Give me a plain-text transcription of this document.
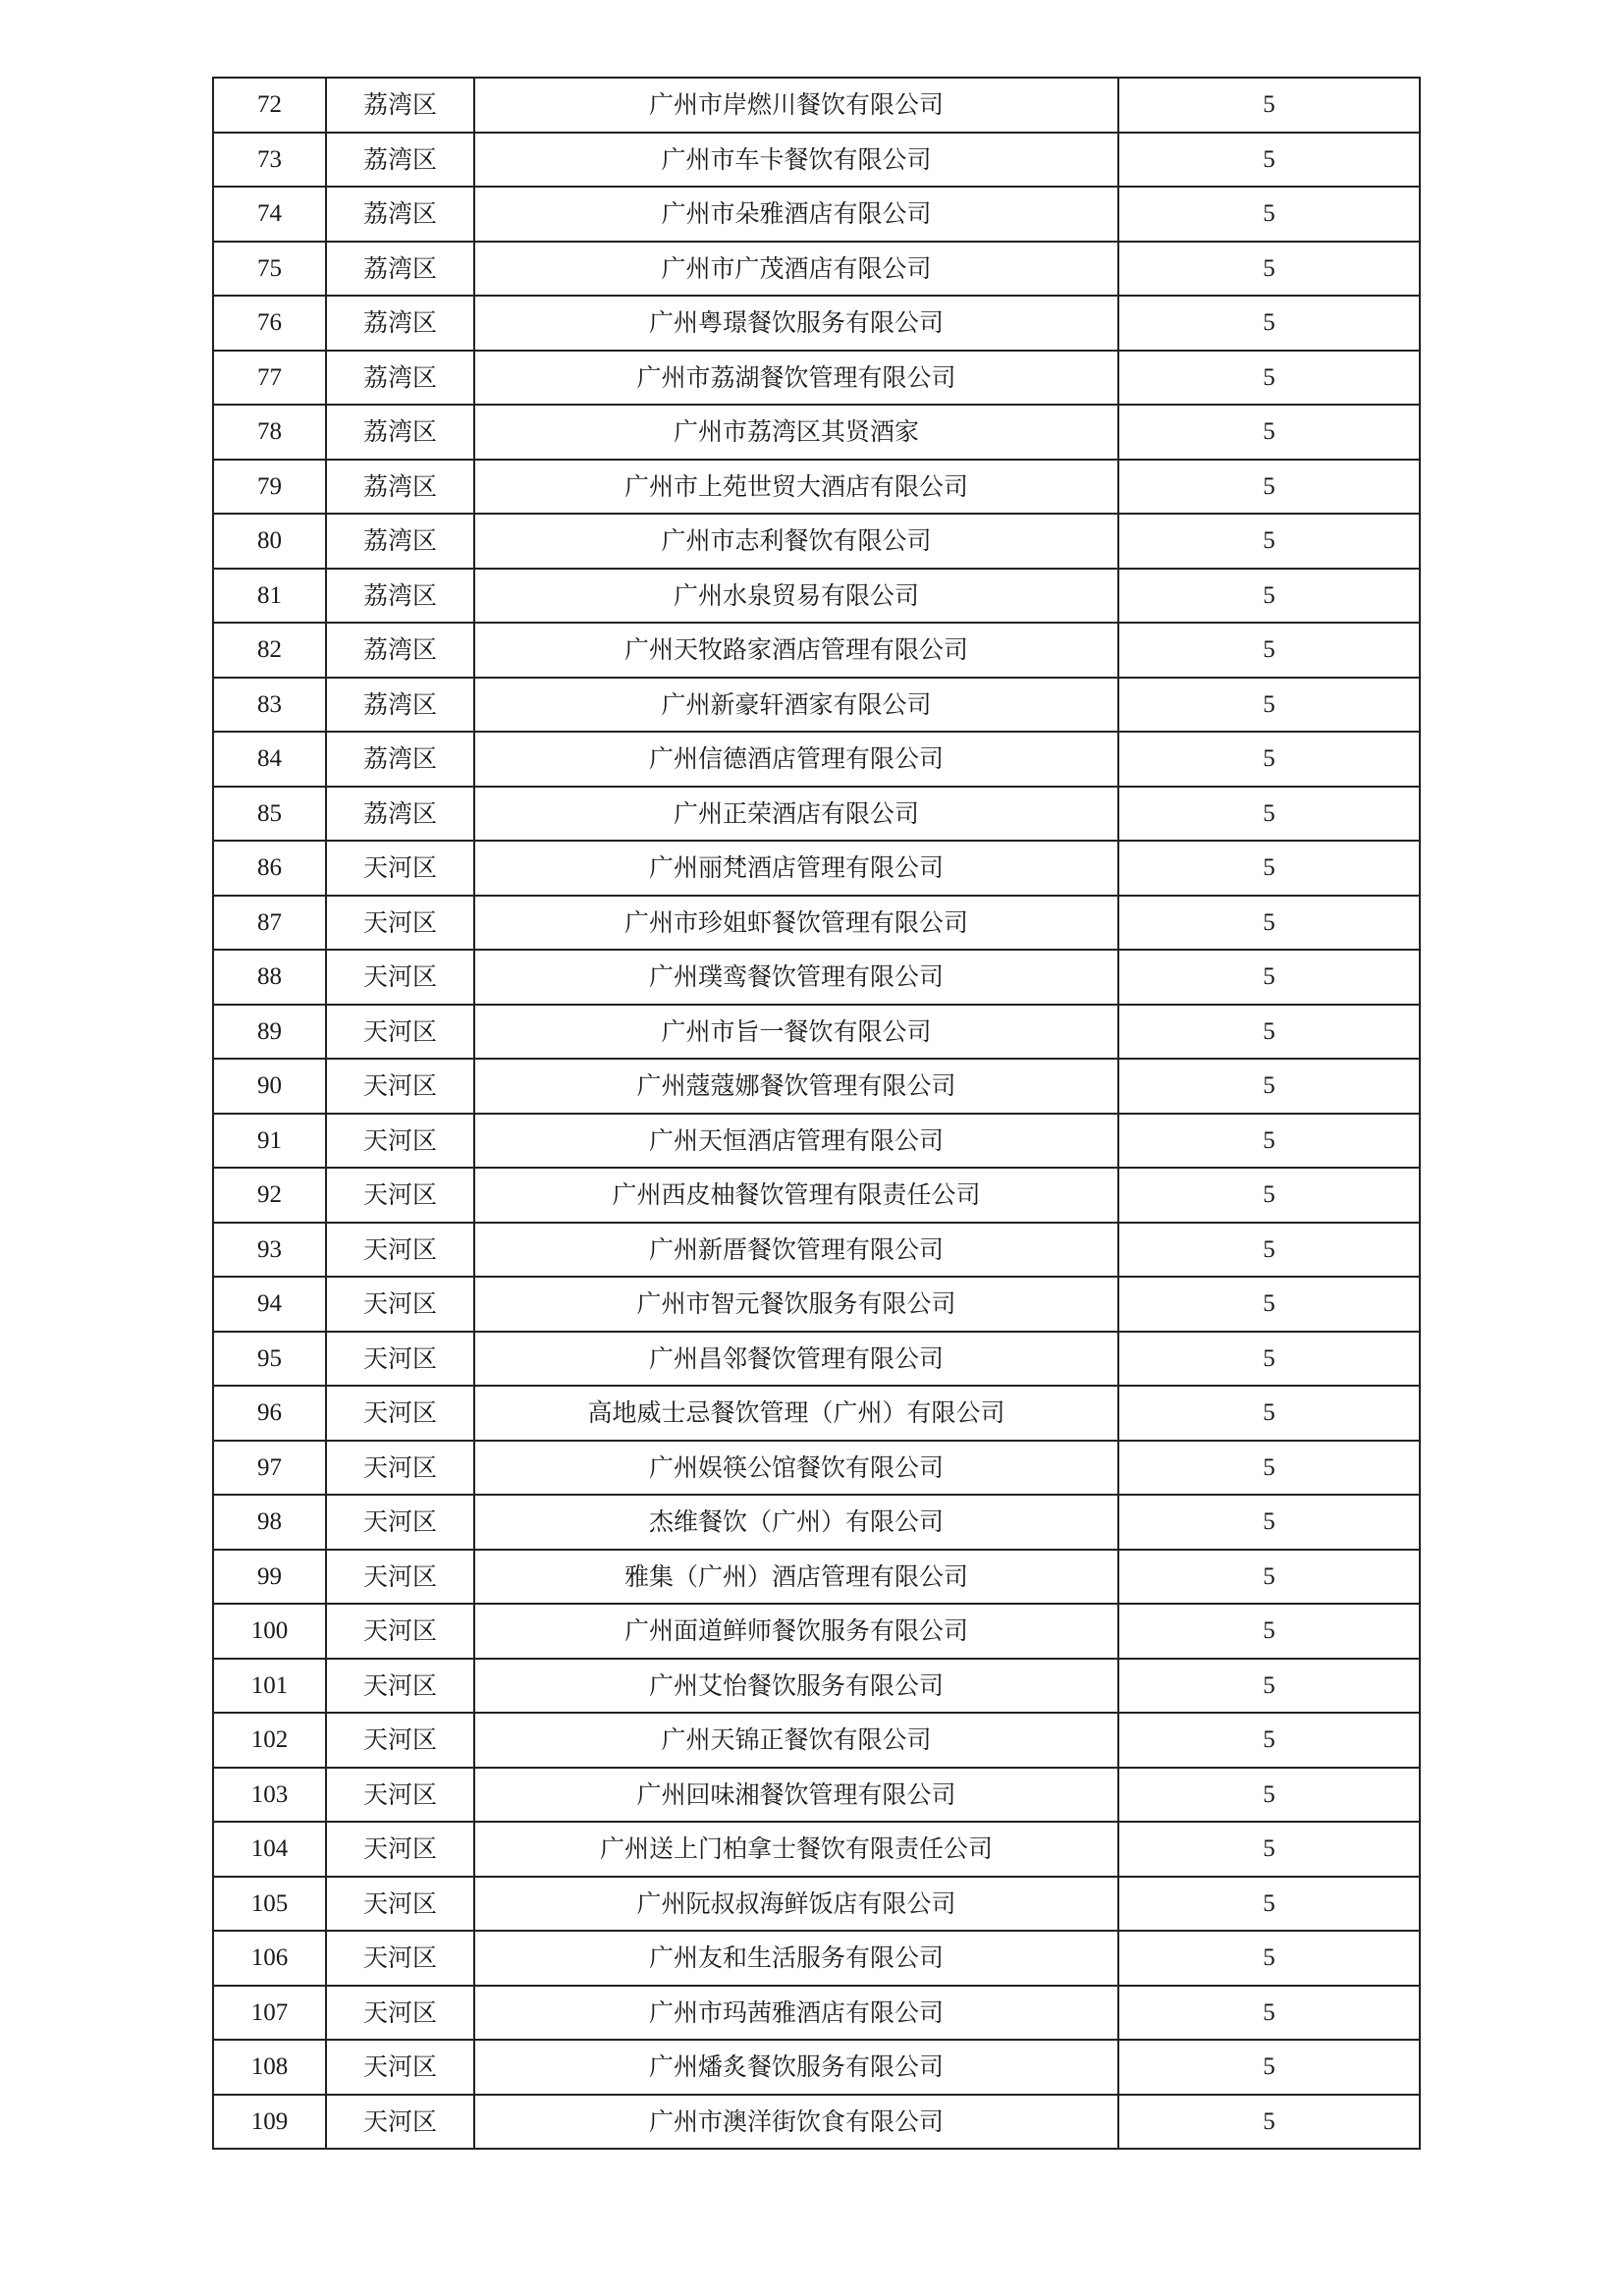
72	荔湾区	广州市岸燃川餐饮有限公司	5
73	荔湾区	广州市车卡餐饮有限公司	5
74	荔湾区	广州市朵雅酒店有限公司	5
75	荔湾区	广州市广茂酒店有限公司	5
76	荔湾区	广州粤璟餐饮服务有限公司	5
77	荔湾区	广州市荔湖餐饮管理有限公司	5
78	荔湾区	广州市荔湾区其贤酒家	5
79	荔湾区	广州市上苑世贸大酒店有限公司	5
80	荔湾区	广州市志利餐饮有限公司	5
81	荔湾区	广州水泉贸易有限公司	5
82	荔湾区	广州天牧路家酒店管理有限公司	5
83	荔湾区	广州新豪轩酒家有限公司	5
84	荔湾区	广州信德酒店管理有限公司	5
85	荔湾区	广州正荣酒店有限公司	5
86	天河区	广州丽梵酒店管理有限公司	5
87	天河区	广州市珍姐虾餐饮管理有限公司	5
88	天河区	广州璞鸾餐饮管理有限公司	5
89	天河区	广州市旨一餐饮有限公司	5
90	天河区	广州蔻蔻娜餐饮管理有限公司	5
91	天河区	广州天恒酒店管理有限公司	5
92	天河区	广州西皮柚餐饮管理有限责任公司	5
93	天河区	广州新厝餐饮管理有限公司	5
94	天河区	广州市智元餐饮服务有限公司	5
95	天河区	广州昌邻餐饮管理有限公司	5
96	天河区	高地威士忌餐饮管理（广州）有限公司	5
97	天河区	广州娱筷公馆餐饮有限公司	5
98	天河区	杰维餐饮（广州）有限公司	5
99	天河区	雅集（广州）酒店管理有限公司	5
100	天河区	广州面道鲜师餐饮服务有限公司	5
101	天河区	广州艾怡餐饮服务有限公司	5
102	天河区	广州天锦正餐饮有限公司	5
103	天河区	广州回味湘餐饮管理有限公司	5
104	天河区	广州送上门柏拿士餐饮有限责任公司	5
105	天河区	广州阮叔叔海鲜饭店有限公司	5
106	天河区	广州友和生活服务有限公司	5
107	天河区	广州市玛茜雅酒店有限公司	5
108	天河区	广州燔炙餐饮服务有限公司	5
109	天河区	广州市澳洋街饮食有限公司	5
